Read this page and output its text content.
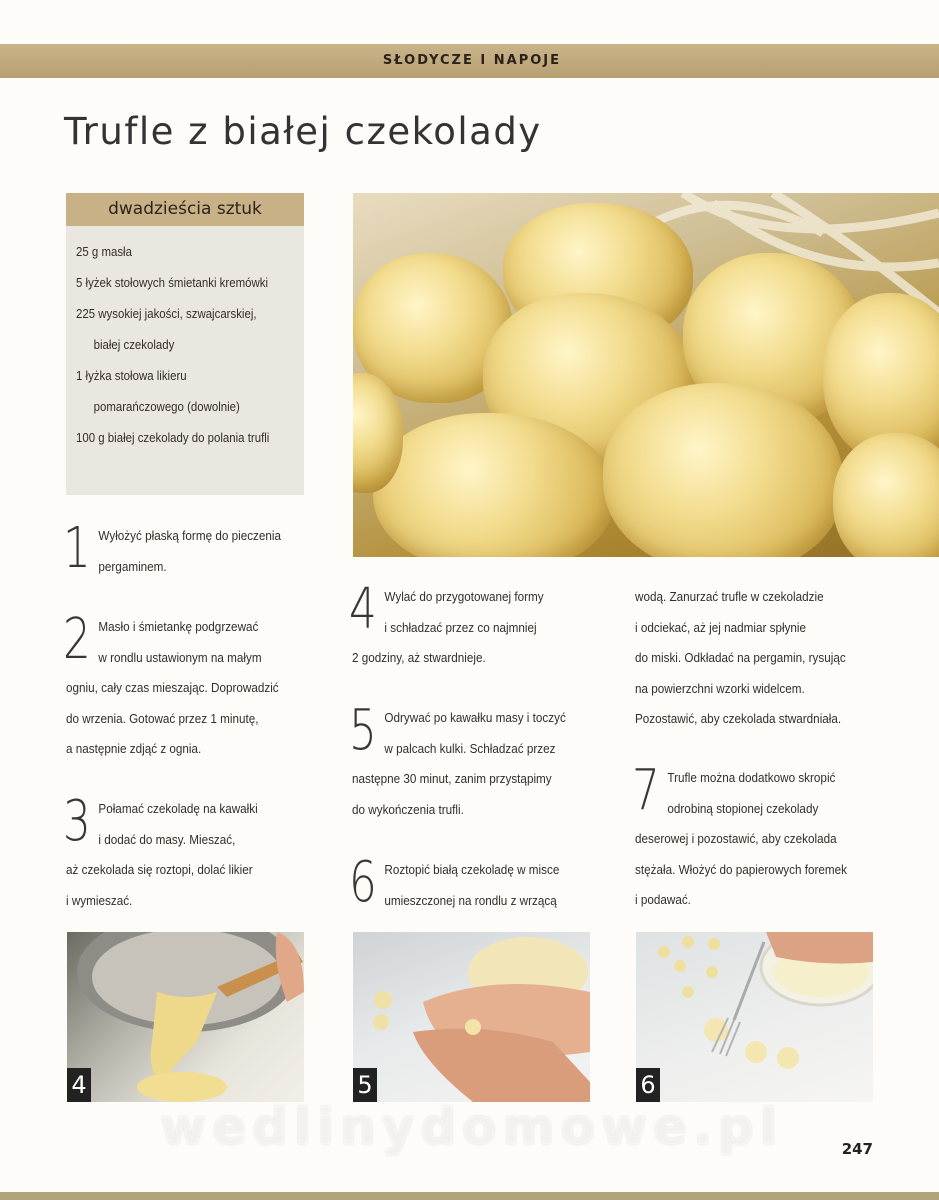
SŁODYCZE I NAPOJE
Trufle z białej czekolady
dwadzieścia sztuk
25 g masła
5 łyżek stołowych śmietanki kremówki
225 wysokiej jakości, szwajcarskiej,
białej czekolady
1 łyżka stołowa likieru
pomarańczowego (dowolnie)
100 g białej czekolady do polania trufli
1 Wyłożyć płaską formę do pieczenia
pergaminem.
2 Masło i śmietankę podgrzewać
w rondlu ustawionym na małym
ogniu, cały czas mieszając. Doprowadzić
do wrzenia. Gotować przez 1 minutę,
a następnie zdjąć z ognia.
3 Połamać czekoladę na kawałki
i dodać do masy. Mieszać,
aż czekolada się roztopi, dolać likier
i wymieszać.
4 Wylać do przygotowanej formy
i schładzać przez co najmniej
2 godziny, aż stwardnieje.
5 Odrywać po kawałku masy i toczyć
w palcach kulki. Schładzać przez
następne 30 minut, zanim przystąpimy
do wykończenia trufli.
6 Roztopić białą czekoladę w misce
umieszczonej na rondlu z wrzącą
wodą. Zanurzać trufle w czekoladzie
i odciekać, aż jej nadmiar spłynie
do miski. Odkładać na pergamin, rysując
na powierzchni wzorki widelcem.
Pozostawić, aby czekolada stwardniała.
7 Trufle można dodatkowo skropić
odrobiną stopionej czekolady
deserowej i pozostawić, aby czekolada
stężała. Włożyć do papierowych foremek
i podawać.
4	5	6
wedlinydomowe.pl	247
